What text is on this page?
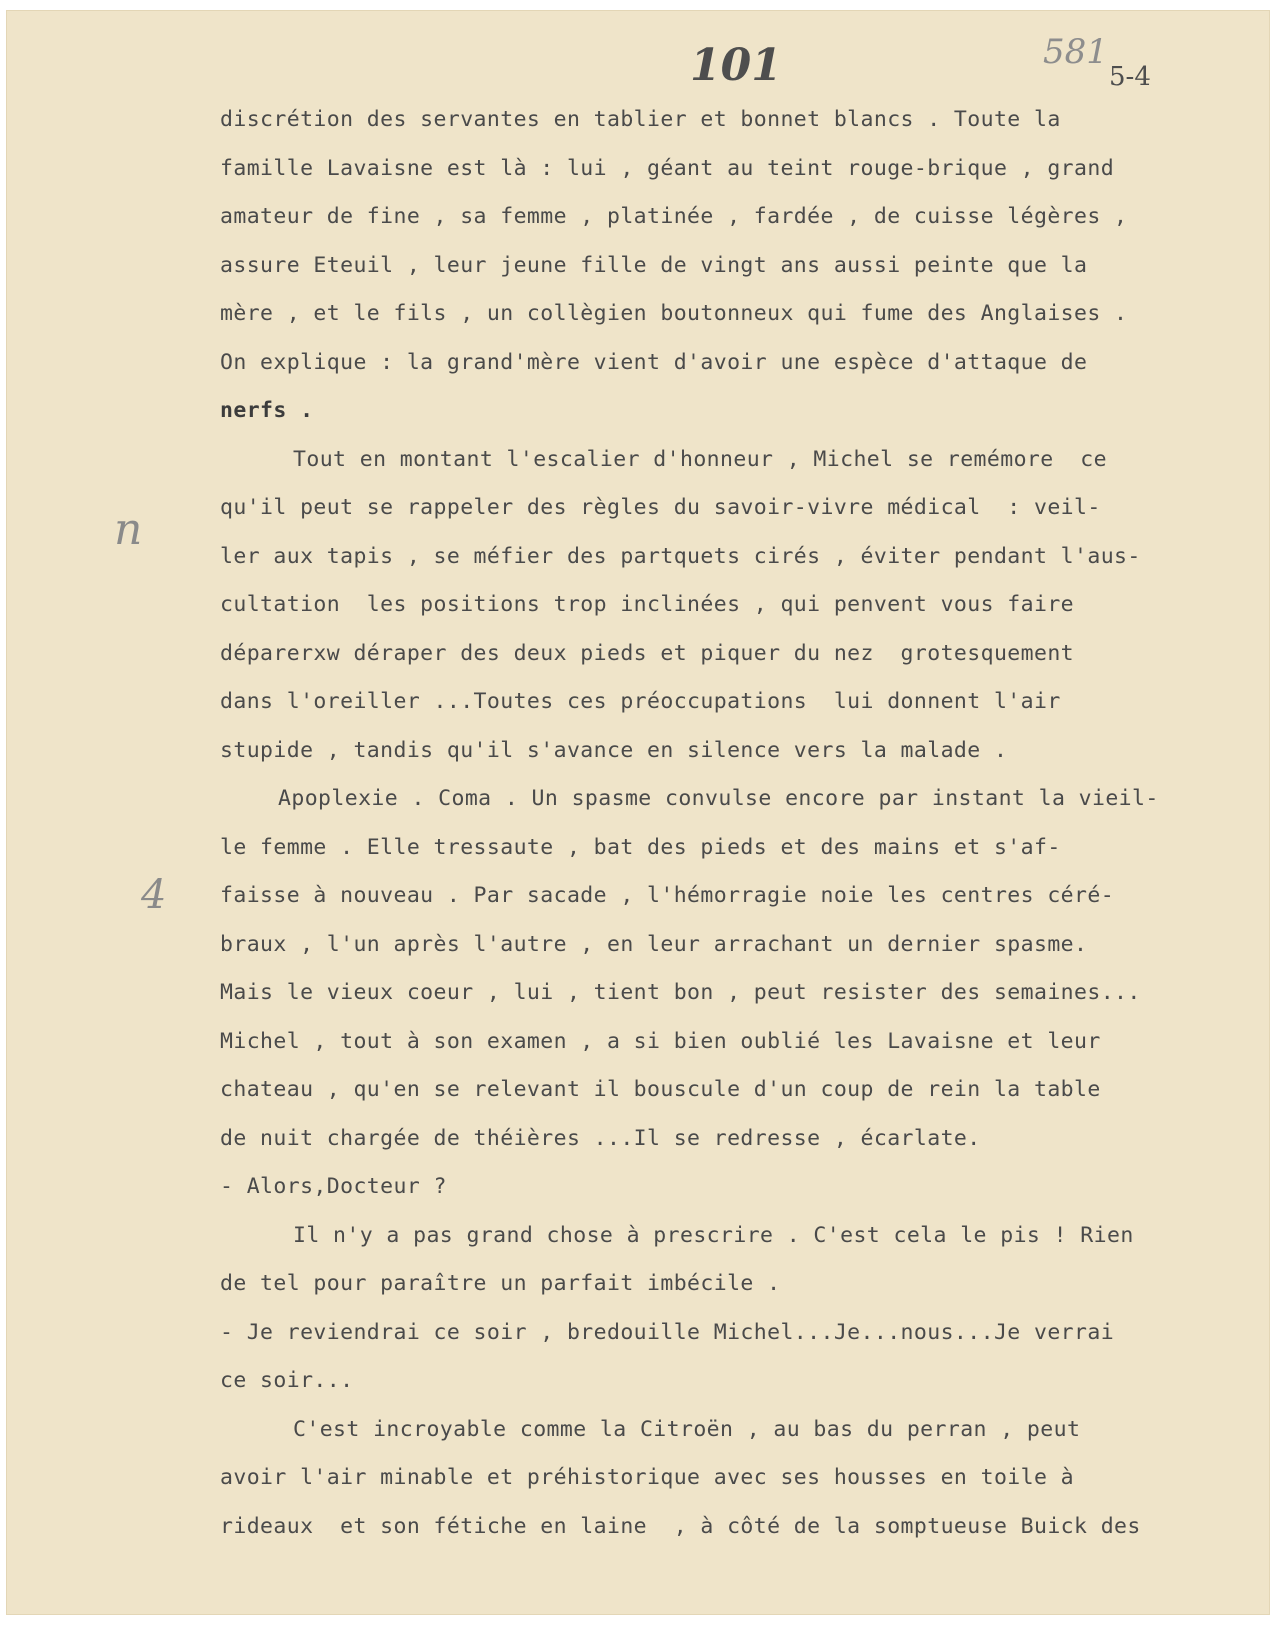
101	581
5-4
n
4
discrétion des servantes en tablier et bonnet blancs . Toute la
famille Lavaisne est là : lui , géant au teint rouge-brique , grand
amateur de fine , sa femme , platinée , fardée , de cuisse légères ,
assure Eteuil , leur jeune fille de vingt ans aussi peinte que la
mère , et le fils , un collègien boutonneux qui fume des Anglaises .
On explique : la grand'mère vient d'avoir une espèce d'attaque de
nerfs .
Tout en montant l'escalier d'honneur , Michel se remémore  ce
qu'il peut se rappeler des règles du savoir-vivre médical  : veil-
ler aux tapis , se méfier des partquets cirés , éviter pendant l'aus-
cultation  les positions trop inclinées , qui penvent vous faire
déparerxw déraper des deux pieds et piquer du nez  grotesquement
dans l'oreiller ...Toutes ces préoccupations  lui donnent l'air
stupide , tandis qu'il s'avance en silence vers la malade .
Apoplexie . Coma . Un spasme convulse encore par instant la vieil-
le femme . Elle tressaute , bat des pieds et des mains et s'af-
faisse à nouveau . Par sacade , l'hémorragie noie les centres céré-
braux , l'un après l'autre , en leur arrachant un dernier spasme.
Mais le vieux coeur , lui , tient bon , peut resister des semaines...
Michel , tout à son examen , a si bien oublié les Lavaisne et leur
chateau , qu'en se relevant il bouscule d'un coup de rein la table
de nuit chargée de théières ...Il se redresse , écarlate.
- Alors,Docteur ?
Il n'y a pas grand chose à prescrire . C'est cela le pis ! Rien
de tel pour paraître un parfait imbécile .
- Je reviendrai ce soir , bredouille Michel...Je...nous...Je verrai
ce soir...
C'est incroyable comme la Citroën , au bas du perran , peut
avoir l'air minable et préhistorique avec ses housses en toile à
rideaux  et son fétiche en laine  , à côté de la somptueuse Buick des
